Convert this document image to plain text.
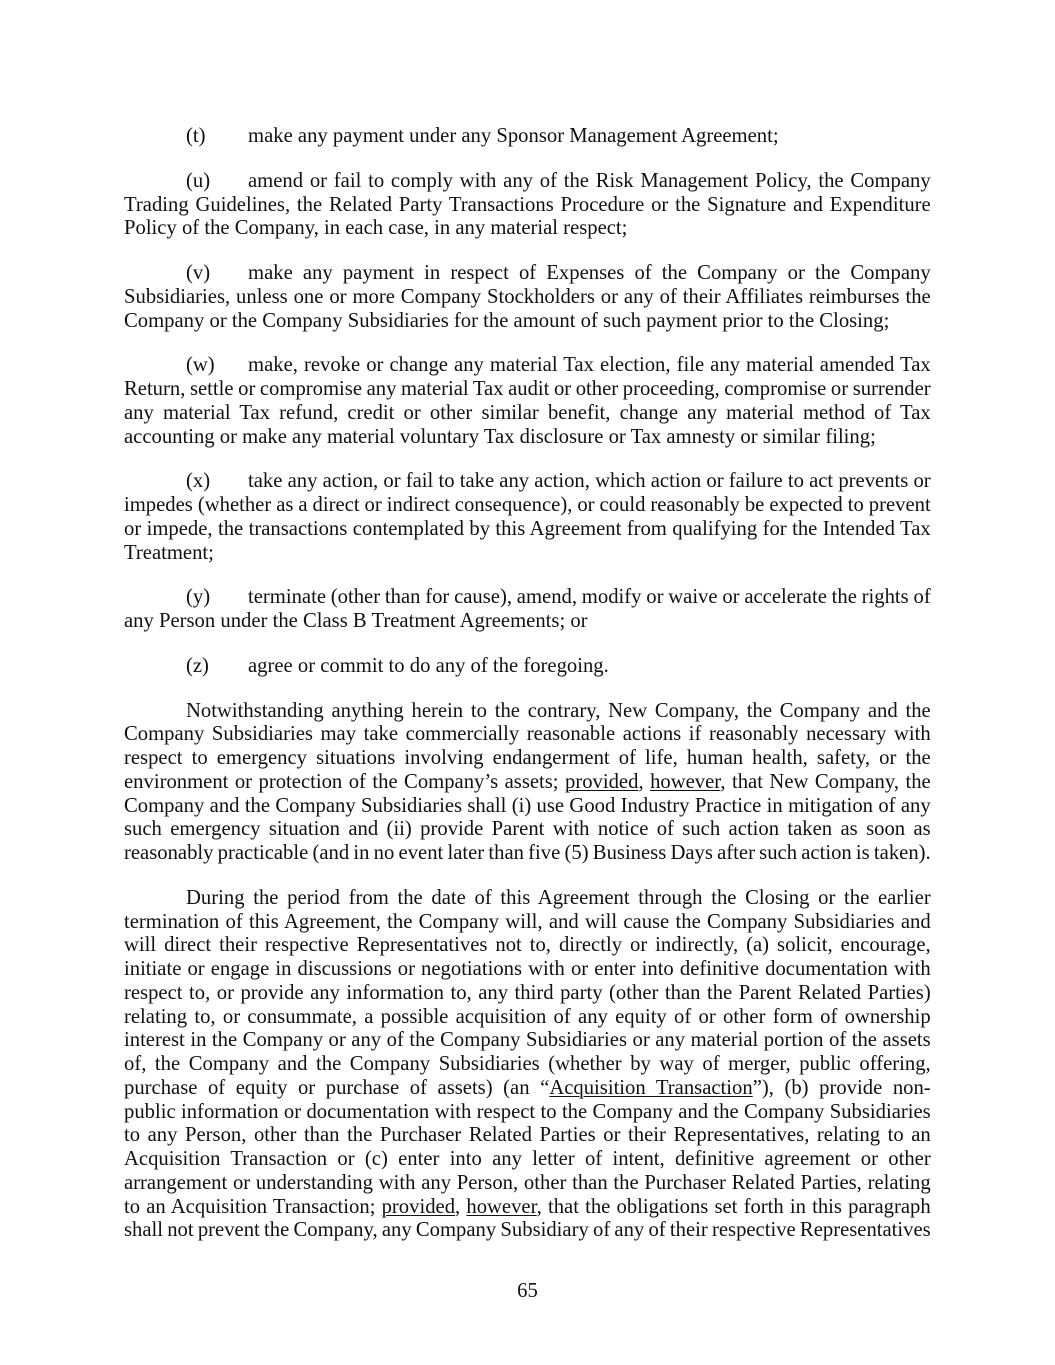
(t)	make any payment under any Sponsor Management Agreement;
(u)	amend or fail to comply with any of the Risk Management Policy, the Company
Trading Guidelines, the Related Party Transactions Procedure or the Signature and Expenditure
Policy of the Company, in each case, in any material respect;
(v)	make any payment in respect of Expenses of the Company or the Company
Subsidiaries, unless one or more Company Stockholders or any of their Affiliates reimburses the
Company or the Company Subsidiaries for the amount of such payment prior to the Closing;
(w)	make, revoke or change any material Tax election, file any material amended Tax
Return, settle or compromise any material Tax audit or other proceeding, compromise or surrender
any material Tax refund, credit or other similar benefit, change any material method of Tax
accounting or make any material voluntary Tax disclosure or Tax amnesty or similar filing;
(x)	take any action, or fail to take any action, which action or failure to act prevents or
impedes (whether as a direct or indirect consequence), or could reasonably be expected to prevent
or impede, the transactions contemplated by this Agreement from qualifying for the Intended Tax
Treatment;
(y)	terminate (other than for cause), amend, modify or waive or accelerate the rights of
any Person under the Class B Treatment Agreements; or
(z)	agree or commit to do any of the foregoing.
Notwithstanding anything herein to the contrary, New Company, the Company and the
Company Subsidiaries may take commercially reasonable actions if reasonably necessary with
respect to emergency situations involving endangerment of life, human health, safety, or the
environment or protection of the Company’s assets; provided, however, that New Company, the
Company and the Company Subsidiaries shall (i) use Good Industry Practice in mitigation of any
such emergency situation and (ii) provide Parent with notice of such action taken as soon as
reasonably practicable (and in no event later than five (5) Business Days after such action is taken).
During the period from the date of this Agreement through the Closing or the earlier
termination of this Agreement, the Company will, and will cause the Company Subsidiaries and
will direct their respective Representatives not to, directly or indirectly, (a) solicit, encourage,
initiate or engage in discussions or negotiations with or enter into definitive documentation with
respect to, or provide any information to, any third party (other than the Parent Related Parties)
relating to, or consummate, a possible acquisition of any equity of or other form of ownership
interest in the Company or any of the Company Subsidiaries or any material portion of the assets
of, the Company and the Company Subsidiaries (whether by way of merger, public offering,
purchase of equity or purchase of assets) (an “Acquisition Transaction”), (b) provide non-
public information or documentation with respect to the Company and the Company Subsidiaries
to any Person, other than the Purchaser Related Parties or their Representatives, relating to an
Acquisition Transaction or (c) enter into any letter of intent, definitive agreement or other
arrangement or understanding with any Person, other than the Purchaser Related Parties, relating
to an Acquisition Transaction; provided, however, that the obligations set forth in this paragraph
shall not prevent the Company, any Company Subsidiary of any of their respective Representatives
65
